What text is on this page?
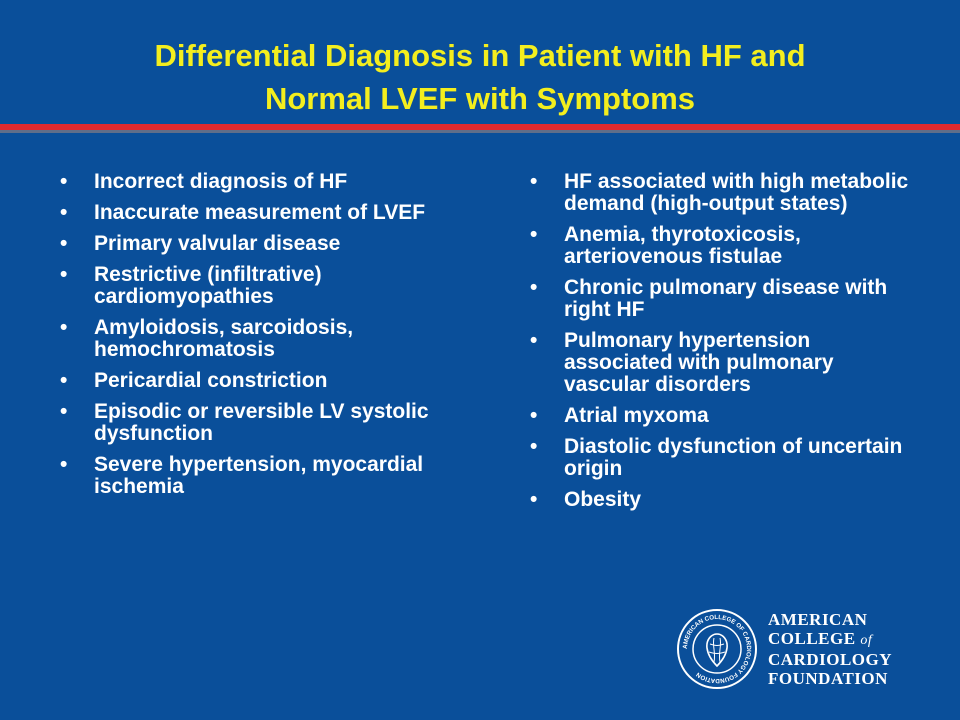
Differential Diagnosis in Patient with HF and
Normal LVEF with Symptoms
•	Incorrect diagnosis of HF
•	Inaccurate measurement of LVEF
•	Primary valvular disease
•	Restrictive (infiltrative) cardiomyopathies
•	Amyloidosis, sarcoidosis, hemochromatosis
•	Pericardial constriction
•	Episodic or reversible LV systolic dysfunction
•	Severe hypertension, myocardial ischemia
•	HF associated with high metabolic demand (high-output states)
•	Anemia, thyrotoxicosis, arteriovenous fistulae
•	Chronic pulmonary disease with right HF
•	Pulmonary hypertension associated with pulmonary vascular disorders
•	Atrial myxoma
•	Diastolic dysfunction of uncertain origin
•	Obesity
AMERICAN COLLEGE OF CARDIOLOGY FOUNDATION
AMERICAN
COLLEGE of
CARDIOLOGY
FOUNDATION
